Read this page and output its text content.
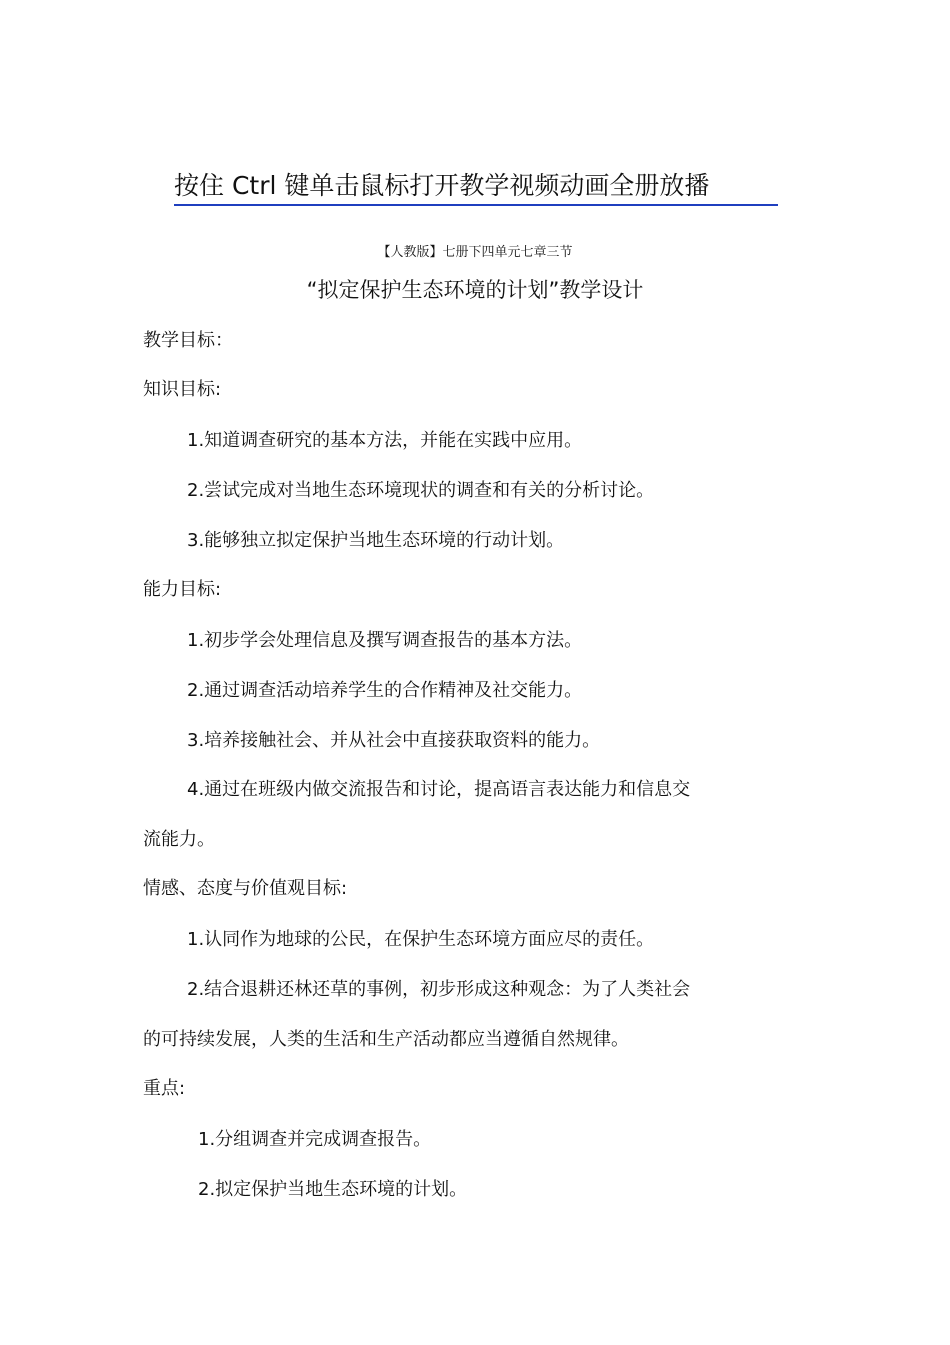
按住 Ctrl 键单击鼠标打开教学视频动画全册放播
【人教版】七册下四单元七章三节
“拟定保护生态环境的计划”教学设计
教学目标：
知识目标:
1.知道调查研究的基本方法，并能在实践中应用。
2.尝试完成对当地生态环境现状的调查和有关的分析讨论。
3.能够独立拟定保护当地生态环境的行动计划。
能力目标:
1.初步学会处理信息及撰写调查报告的基本方法。
2.通过调查活动培养学生的合作精神及社交能力。
3.培养接触社会、并从社会中直接获取资料的能力。
4.通过在班级内做交流报告和讨论，提高语言表达能力和信息交
流能力。
情感、态度与价值观目标:
1.认同作为地球的公民，在保护生态环境方面应尽的责任。
2.结合退耕还林还草的事例，初步形成这种观念：为了人类社会
的可持续发展，人类的生活和生产活动都应当遵循自然规律。
重点:
1.分组调查并完成调查报告。
2.拟定保护当地生态环境的计划。
